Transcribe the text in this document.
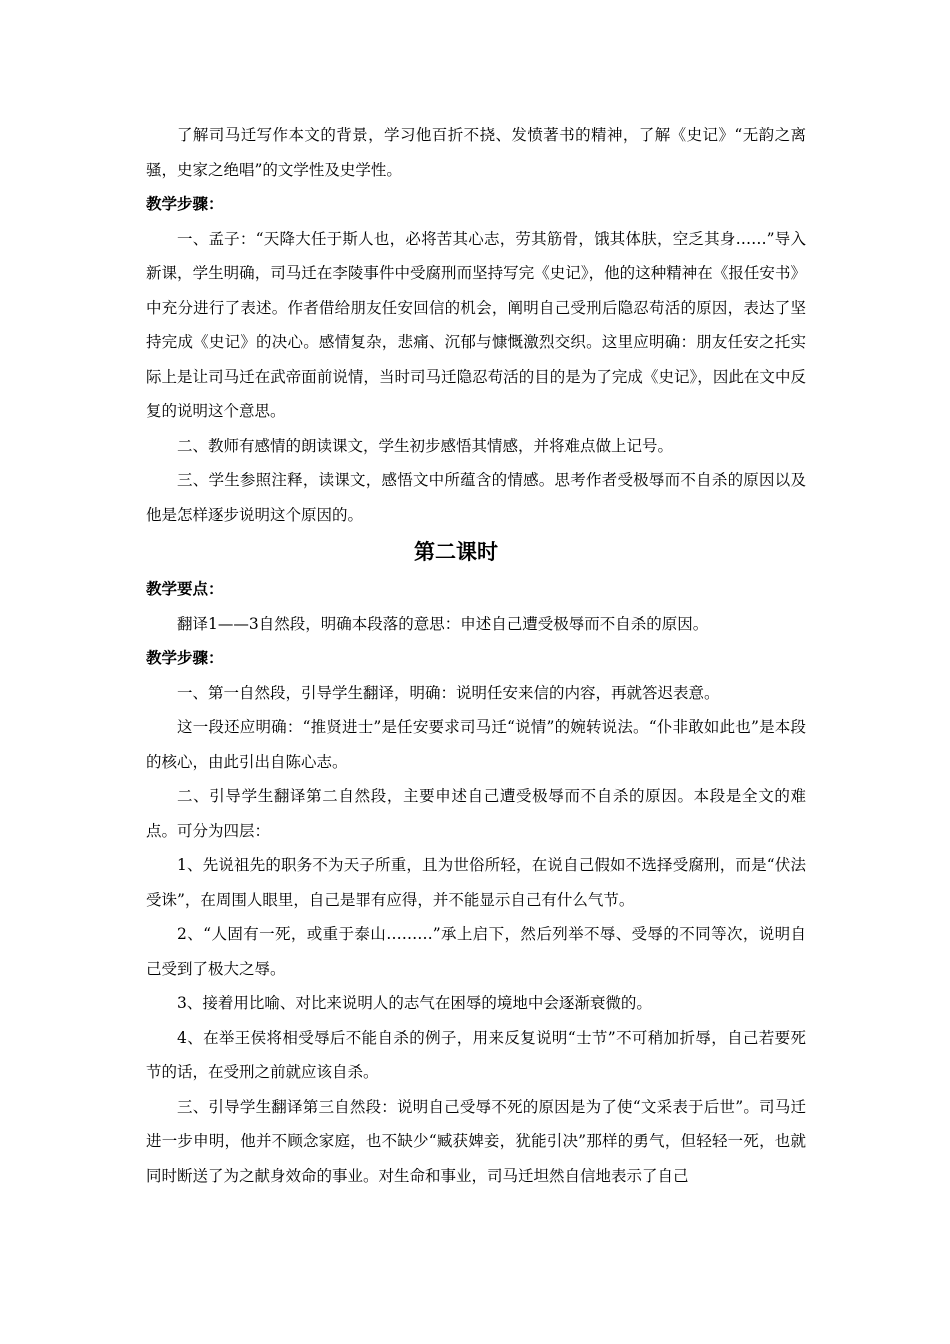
了解司马迁写作本文的背景，学习他百折不挠、发愤著书的精神，了解《史记》“无韵之离骚，史家之绝唱”的文学性及史学性。

教学步骤：

一、孟子：“天降大任于斯人也，必将苦其心志，劳其筋骨，饿其体肤，空乏其身……”导入新课，学生明确，司马迁在李陵事件中受腐刑而坚持写完《史记》，他的这种精神在《报任安书》中充分进行了表述。作者借给朋友任安回信的机会，阐明自己受刑后隐忍苟活的原因，表达了坚持完成《史记》的决心。感情复杂，悲痛、沉郁与慷慨激烈交织。这里应明确：朋友任安之托实际上是让司马迁在武帝面前说情，当时司马迁隐忍苟活的目的是为了完成《史记》，因此在文中反复的说明这个意思。

二、教师有感情的朗读课文，学生初步感悟其情感，并将难点做上记号。

三、学生参照注释，读课文，感悟文中所蕴含的情感。思考作者受极辱而不自杀的原因以及他是怎样逐步说明这个原因的。

第二课时

教学要点：

翻译1——3自然段，明确本段落的意思：申述自己遭受极辱而不自杀的原因。

教学步骤：

一、第一自然段，引导学生翻译，明确：说明任安来信的内容，再就答迟表意。

这一段还应明确：“推贤进士”是任安要求司马迁“说情”的婉转说法。“仆非敢如此也”是本段的核心，由此引出自陈心志。

二、引导学生翻译第二自然段，主要申述自己遭受极辱而不自杀的原因。本段是全文的难点。可分为四层：

1、先说祖先的职务不为天子所重，且为世俗所轻，在说自己假如不选择受腐刑，而是“伏法受诛”，在周围人眼里，自己是罪有应得，并不能显示自己有什么气节。

2、“人固有一死，或重于泰山………”承上启下，然后列举不辱、受辱的不同等次，说明自己受到了极大之辱。

3、接着用比喻、对比来说明人的志气在困辱的境地中会逐渐衰微的。

4、在举王侯将相受辱后不能自杀的例子，用来反复说明“士节”不可稍加折辱，自己若要死节的话，在受刑之前就应该自杀。

三、引导学生翻译第三自然段：说明自己受辱不死的原因是为了使“文采表于后世”。司马迁进一步申明，他并不顾念家庭，也不缺少“臧获婢妾，犹能引决”那样的勇气，但轻轻一死，也就同时断送了为之献身效命的事业。对生命和事业，司马迁坦然自信地表示了自己
